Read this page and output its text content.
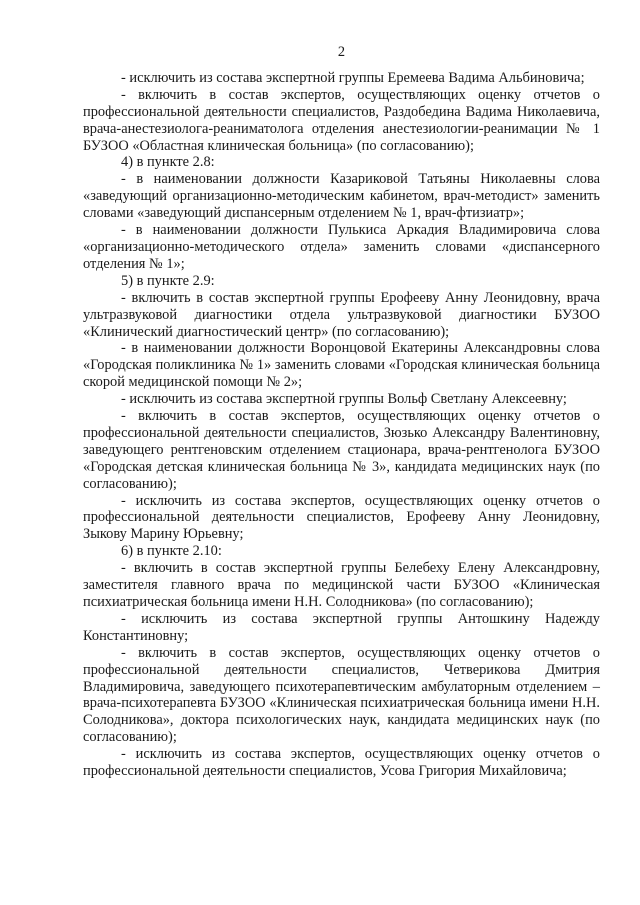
2

- исключить из состава экспертной группы Еремеева Вадима Альбиновича;

- включить в состав экспертов, осуществляющих оценку отчетов о профессиональной деятельности специалистов, Раздобедина Вадима Николаевича, врача-анестезиолога-реаниматолога отделения анестезиологии-реанимации № 1 БУЗОО «Областная клиническая больница» (по согласованию);

4) в пункте 2.8:

- в наименовании должности Казариковой Татьяны Николаевны слова «заведующий организационно-методическим кабинетом, врач-методист» заменить словами «заведующий диспансерным отделением № 1, врач-фтизиатр»;

- в наименовании должности Пулькиса Аркадия Владимировича слова «организационно-методического отдела» заменить словами «диспансерного отделения № 1»;

5) в пункте 2.9:

- включить в состав экспертной группы Ерофееву Анну Леонидовну, врача ультразвуковой диагностики отдела ультразвуковой диагностики БУЗОО «Клинический диагностический центр» (по согласованию);

- в наименовании должности Воронцовой Екатерины Александровны слова «Городская поликлиника № 1» заменить словами «Городская клиническая больница скорой медицинской помощи № 2»;

- исключить из состава экспертной группы Вольф Светлану Алексеевну;

- включить в состав экспертов, осуществляющих оценку отчетов о профессиональной деятельности специалистов, Зюзько Александру Валентиновну, заведующего рентгеновским отделением стационара, врача-рентгенолога БУЗОО «Городская детская клиническая больница № 3», кандидата медицинских наук (по согласованию);

- исключить из состава экспертов, осуществляющих оценку отчетов о профессиональной деятельности специалистов, Ерофееву Анну Леонидовну, Зыкову Марину Юрьевну;

6) в пункте 2.10:

- включить в состав экспертной группы Белебеху Елену Александровну, заместителя главного врача по медицинской части БУЗОО «Клиническая психиатрическая больница имени Н.Н. Солодникова» (по согласованию);

- исключить из состава экспертной группы Антошкину Надежду Константиновну;

- включить в состав экспертов, осуществляющих оценку отчетов о профессиональной деятельности специалистов, Четверикова Дмитрия Владимировича, заведующего психотерапевтическим амбулаторным отделением – врача-психотерапевта БУЗОО «Клиническая психиатрическая больница имени Н.Н. Солодникова», доктора психологических наук, кандидата медицинских наук (по согласованию);

- исключить из состава экспертов, осуществляющих оценку отчетов о профессиональной деятельности специалистов, Усова Григория Михайловича;
